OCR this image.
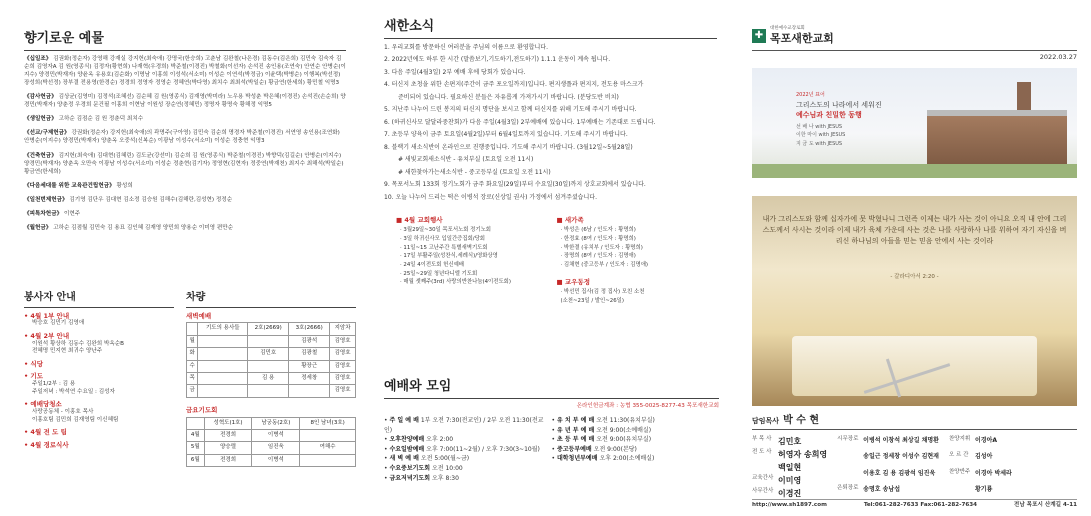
향기로운 예물
《십일조》 김권화(정순자) 강영해 강재실 강지헌(최숙애) 강명국(한승희) 고춘남 김완철(나은경) 김동수(김은희) 김민숙 김숙자 김순희 김영자A 김 원(영종식) 김정자(황현희) 나재혁(우경희) 박준철(이경진) 박철화(이선자) 손석진 송인용(조연숙) 안연순 안병순(이지수) 양경민(박재자) 양윤옥 유용호(김순화) 이명남 이홍희 이성석(서소미) 이성순 이연석(박정금) 이윤택(박병순) 이행복(박선정) 장성희(박선정) 장부결 전용영(한경순) 정경희 정영자 정영순 정혜연(박다영) 최치수 최최석(박일순) 황금연(한세희) 황민철 익명3
《감사헌금》 김상균(김영미) 김정석(조혜선) 김순혜 김 원(영종식) 김재영(박미라) 노우용 박성춘 박은혜(이경진) 손석진(손순희) 양경민(박재자) 양춘정 우경희 문건필 이홍희 이현남 이원성 장순연(정혜민) 정명자 황명숙 황해정 익명5
《생일헌금》 고하순 김점순 김 원 정춘덕 최치수
《선교/구제헌금》 강권화(정순자) 강지헌(최숙애)의 곽명주(구아영) 김민숙 김순희 명경자 박준철(이경진) 서연영 송인용(조연화) 안병순(이지수) 양경민(박재자) 양춘옥 오중석(신복순) 이광남 이성수(서소미) 이성순 정충현 익명3
《건축헌금》 김지헌(최숙애) 김대현(김혜린) 김도균(강선미) 김순희 김 원(영종식) 박준철(이경진) 박향덕(김길순) 안병순(이지수) 양경민(박재자) 양춘옥 오만숙 이광남 이성수(서소미) 이성순 정춘현(김기자) 정영현(김현자) 정중연(박재천) 최지수 최해석(박일순) 황금연(한세희)
《다음세대를 위한 교육관건립헌금》 황성희
《일천번제헌금》 김기영 김단우 김대현 김소정 김승원 김해수(김해란,김성현) 정정순
《피톡차헌금》 이현주
《월헌금》 고하순 김점월 김민숙 김 용묘 김인혜 김재영 양민희 양용순 이미영 편만순
봉사자 안내
• 4월 1부 안내
박승호 김민기 김영애
• 4월 2부 안내
이원석 황상하 김동수 김완희 박옥순B
전혜명 민지현 최귀수 양난주
• 식당
• 기도
주일1/2부 : 김 용
주일저녁 : 박석연 수요일 : 김성자
• 예배당청소
사랑공동체 - 이홍호 목사
이홍호팀 김민희 김재영팀 이신혜팀
• 4월 전 도 팀
• 4월 경로식사
차량
새벽예배
	기도의 용사들	2호(2669)	3호(2666)	지암차
월			김광석	김영호
화		김민호	김광철	김영호
수			황장근	김영호
목		김 용	정세창	김영호
금				김영호
금요기도회
	성혁도(1호)	남궁동(2호)	8인 남녀(3호)
4월	전경희	이병석	
5월	양승렬	임진욱	여해수
6월	전경희	이병석	
새한소식
1. 우리교회를 방문하신 여러분을 주님의 이름으로 환영합니다.
2. 2022년에도 하루 한 시간 (말씀보기,기도하기,전도하기) 1.1.1 운동이 계속 됩니다.
3. 다음 주일(4월3일) 2부 예배 후에 당회가 있습니다.
4. 터신지 초청을 위한 손편지(주간이 금주 포오일까지)입니다. 편지생플과 편지지, 전도용 마스크가
준비되어 있습니다. 필요하신 분들은 자유롭게 가져가시기 바랍니다. (분당도반 비치)
5. 지난주 나누어 드린 봉지의 터신지 명단을 보시고 함께 터신지를 위해 기도해 주시기 바랍니다.
6. (하귀신사모 달달라중찬회)가 다음 주일(4월3일) 2부예배에 있습니다. 1부예배는 기존대로 드립니다.
7. 초등부 양육이 금주 토요일(4월2일)부터 6월4일토까지 있습니다. 기도해 주시기 바랍니다.
8. 블랙기 새소식반이 온라인으로 진행중입니다. 기도해 주시기 바랍니다. (3월12일~5월28일)
# 새빛교회새소식반 - 유치부실 (토요일 오전 11시)
# 새한찾아가는새소식반 - 중고등부실 (토요일 오전 11시)
9. 목포서노회 133회 정기노회가 금주 화요일(29일)부터 수요일(30일)까지 상호교회에서 있습니다.
10. 오늘 나누어 드리는 떡은 이병석 장로(신상일 권사) 가정에서 섬겨주셨습니다.
■ 4월 교회행사
· 3월29일~30일 목포서노회 정기노회
· 3일 하귀신사모 입일간증집회/당회
· 11일~15 고난주간 특별새벽기도회
· 17일 부활주일(성찬식,세례식)/영화상영
· 24일 4이전도회 헌신예배
· 25일~29일 청년다니엘 기도회
· 매월 셋째주(3rd) 사랑의반찬나눔(4이전도회)
■ 새가족
· 박성은 (6남 / 인도자 : 황명희)
· 한정효 (8여 / 인도자 : 황명희)
· 박한결 (유치부 / 인도자 : 황명희)
· 장명희 (8여 / 인도자 : 김명애)
· 김채현 (중고등부 / 인도자 : 김명애)
■ 교우동정
· 박선민 집사(김 정 집사) 모친 소천
(소천~23일 / 발인~26일)
예배와 모임
온라인헌금계좌 : 농협 355-0025-8277-43 목포새한교회
• 주 일 예 배 1부 오전 7:30(전교인) / 2부 오전 11:30(전교인)
• 오후찬양예배 오후 2:00
• 수요일밤예배 오후 7:00(11~2월) / 오후 7:30(3~10월)
• 새 벽 예 배 오전 5:00(월~금)
• 수요중보기도회 오전 10:00
• 금요저녁기도회 오후 8:30
• 유 치 부 예 배 오전 11:30(유치부실)
• 유 년 부 예 배 오전 9:00(소예배실)
• 초 등 부 예 배 오전 9:00(유치부실)
• 중고등부예배 오전 9:00(본당)
• 대학청년부예배 오후 2:00(소예배실)
✚
대한예수교장로회
목포새한교회
2022.03.27
2022년 표어
그리스도의 나라에서 세워진
예수님과 친밀한 동행
선 배 나 with JESUS
이한 마이 with JESUS
지 금 도 with JESUS
내가 그리스도와 함께 십자가에 못 박혔나니 그런즉 이제는 내가 사는 것이 아니요 오직 내 안에 그리스도께서 사시는 것이라 이제 내가 육체 가운데 사는 것은 나를 사랑하사 나를 위하여 자기 자신을 버리신 하나님의 아들을 믿는 믿음 안에서 사는 것이라
- 갈라디아서 2:20 -
담임목사 박 수 현
부 목 사 김민호
전 도 사 허영자 송희영
백일현
교육간사 이미영
사무간사 이경진
시무장로 이병석 이창석 최상길 채명환
송일근 정세창 이성수 김현재
이용호 김 용 김광석 임진욱
은퇴장로 송명호 송남섭
찬양지휘 이경아A
오 르 간	김성아
찬양반주 이경아 박세라
황기룡
http://www.sh1897.com	Tel:061-282-7633 Fax:061-282-7634	전남 목포시 산계길 4-11
